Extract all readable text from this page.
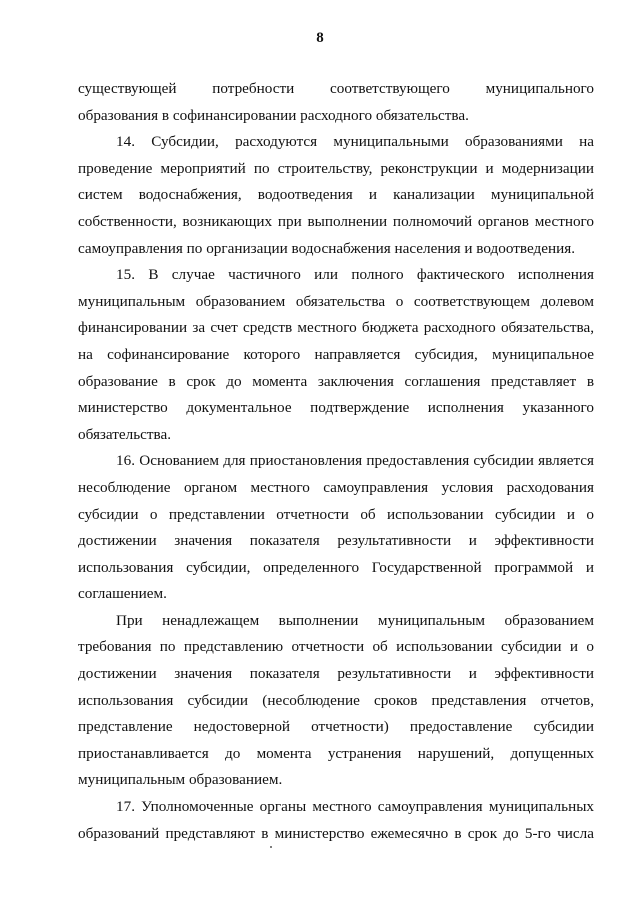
8
существующей потребности соответствующего муниципального
образования в софинансировании расходного обязательства.
14. Субсидии, расходуются муниципальными образованиями на
проведение мероприятий по строительству, реконструкции и модернизации
систем водоснабжения, водоотведения и канализации муниципальной
собственности, возникающих при выполнении полномочий органов местного
самоуправления по организации водоснабжения населения и водоотведения.
15. В случае частичного или полного фактического исполнения
муниципальным образованием обязательства о соответствующем долевом
финансировании за счет средств местного бюджета расходного обязательства,
на софинансирование которого направляется субсидия, муниципальное
образование в срок до момента заключения соглашения представляет в
министерство документальное подтверждение исполнения указанного
обязательства.
16. Основанием для приостановления предоставления субсидии является
несоблюдение органом местного самоуправления условия расходования
субсидии о представлении отчетности об использовании субсидии и о
достижении значения показателя результативности и эффективности
использования субсидии, определенного Государственной программой и
соглашением.
При ненадлежащем выполнении муниципальным образованием
требования по представлению отчетности об использовании субсидии и о
достижении значения показателя результативности и эффективности
использования субсидии (несоблюдение сроков представления отчетов,
представление недостоверной отчетности) предоставление субсидии
приостанавливается до момента устранения нарушений, допущенных
муниципальным образованием.
17. Уполномоченные органы местного самоуправления муниципальных
образований представляют в министерство ежемесячно в срок до 5-го числа
